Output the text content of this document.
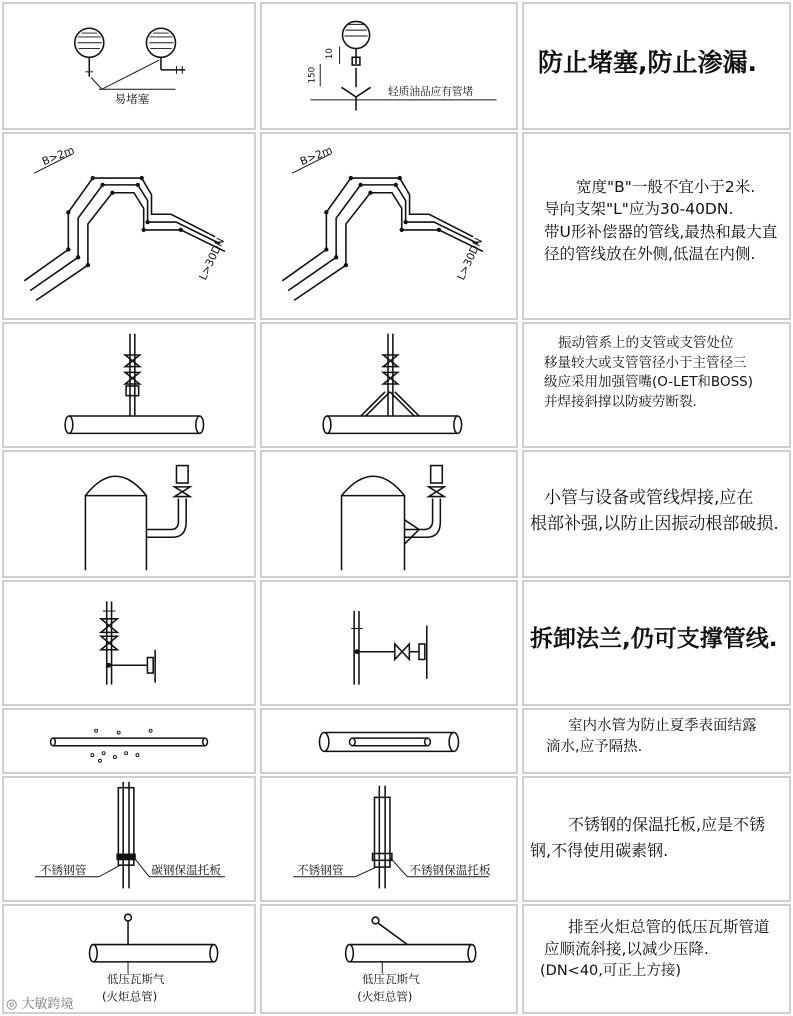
易堵塞
10
150
轻质油品应有管堵
防止堵塞,防止渗漏.
B>2m
L>30DN
B>2m
L>30DN
宽度"B"一般不宜小于2米.
导向支架"L"应为30-40DN.
带U形补偿器的管线,最热和最大直
径的管线放在外侧,低温在内侧.
振动管系上的支管或支管处位
移量较大或支管管径小于主管径三
级应采用加强管嘴(O-LET和BOSS)
并焊接斜撑以防疲劳断裂.
小管与设备或管线焊接,应在
根部补强,以防止因振动根部破损.
拆卸法兰,仍可支撑管线.
室内水管为防止夏季表面结露
滴水,应予隔热.
不锈钢管	碳钢保温托板	不锈钢管	不锈钢保温托板
不锈钢的保温托板,应是不锈
钢,不得使用碳素钢.
低压瓦斯气
(火炬总管)
低压瓦斯气
(火炬总管)
排至火炬总管的低压瓦斯管道
应顺流斜接,以减少压降.
(DN<40,可正上方接)
◎ 大敏跨境
